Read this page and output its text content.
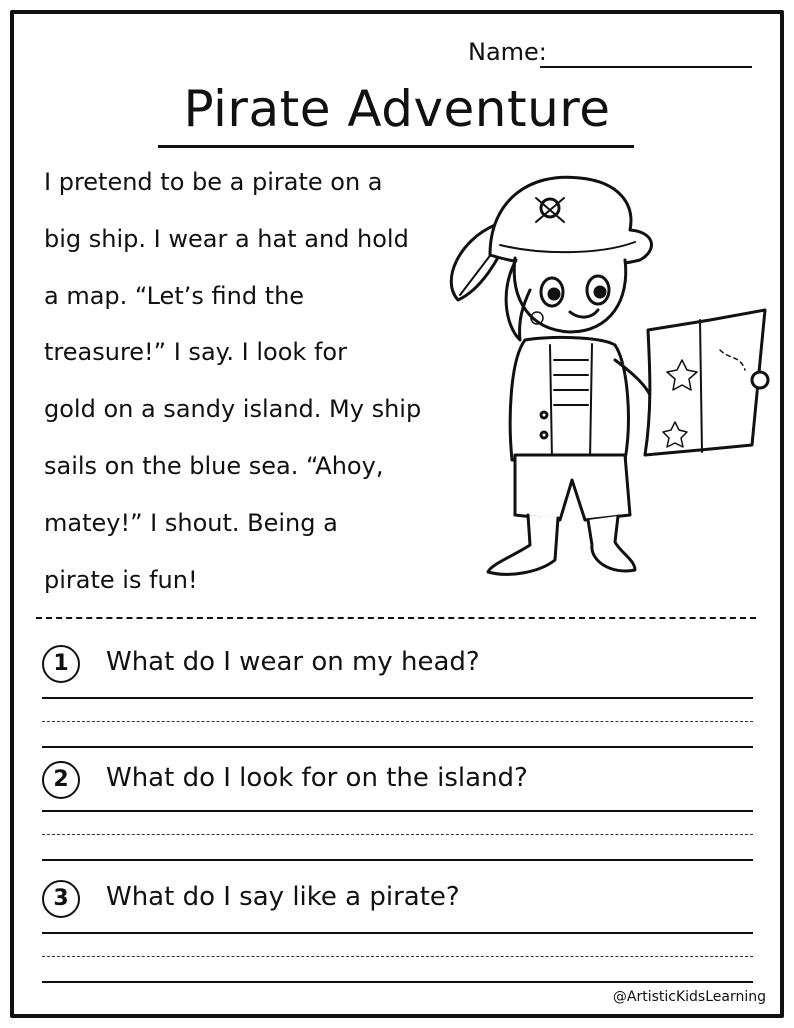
Name:
Pirate Adventure
I pretend to be a pirate on a
big ship. I wear a hat and hold
a map. “Let’s find the
treasure!” I say. I look for
gold on a sandy island. My ship
sails on the blue sea. “Ahoy,
matey!” I shout. Being a
pirate is fun!
1	What do I wear on my head?
2	What do I look for on the island?
3	What do I say like a pirate?
@ArtisticKidsLearning
